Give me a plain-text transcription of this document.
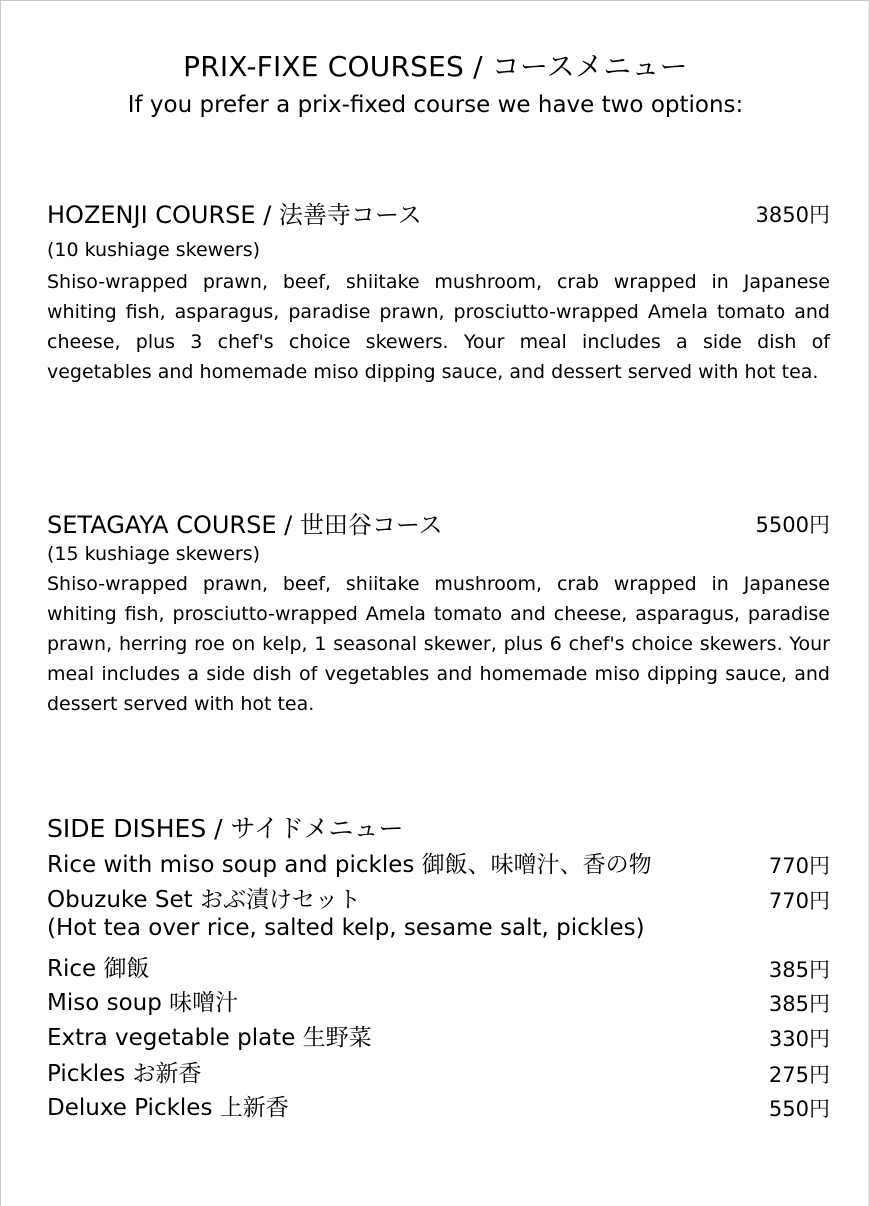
PRIX-FIXE COURSES / コースメニュー
If you prefer a prix-fixed course we have two options:
HOZENJI COURSE / 法善寺コース	3850円
(10 kushiage skewers)
Shiso-wrapped prawn, beef, shiitake mushroom, crab wrapped in Japanese whiting fish, asparagus, paradise prawn, prosciutto-wrapped Amela tomato and cheese, plus 3 chef's choice skewers. Your meal includes a side dish of vegetables and homemade miso dipping sauce, and dessert served with hot tea.
SETAGAYA COURSE / 世田谷コース	5500円
(15 kushiage skewers)
Shiso-wrapped prawn, beef, shiitake mushroom, crab wrapped in Japanese whiting fish, prosciutto-wrapped Amela tomato and cheese, asparagus, paradise prawn, herring roe on kelp, 1 seasonal skewer, plus 6 chef's choice skewers. Your meal includes a side dish of vegetables and homemade miso dipping sauce, and dessert served with hot tea.
SIDE DISHES / サイドメニュー
Rice with miso soup and pickles 御飯、味噌汁、香の物	770円
Obuzuke Set おぶ漬けセット	770円
(Hot tea over rice, salted kelp, sesame salt, pickles)
Rice 御飯	385円
Miso soup 味噌汁	385円
Extra vegetable plate 生野菜	330円
Pickles お新香	275円
Deluxe Pickles 上新香	550円
